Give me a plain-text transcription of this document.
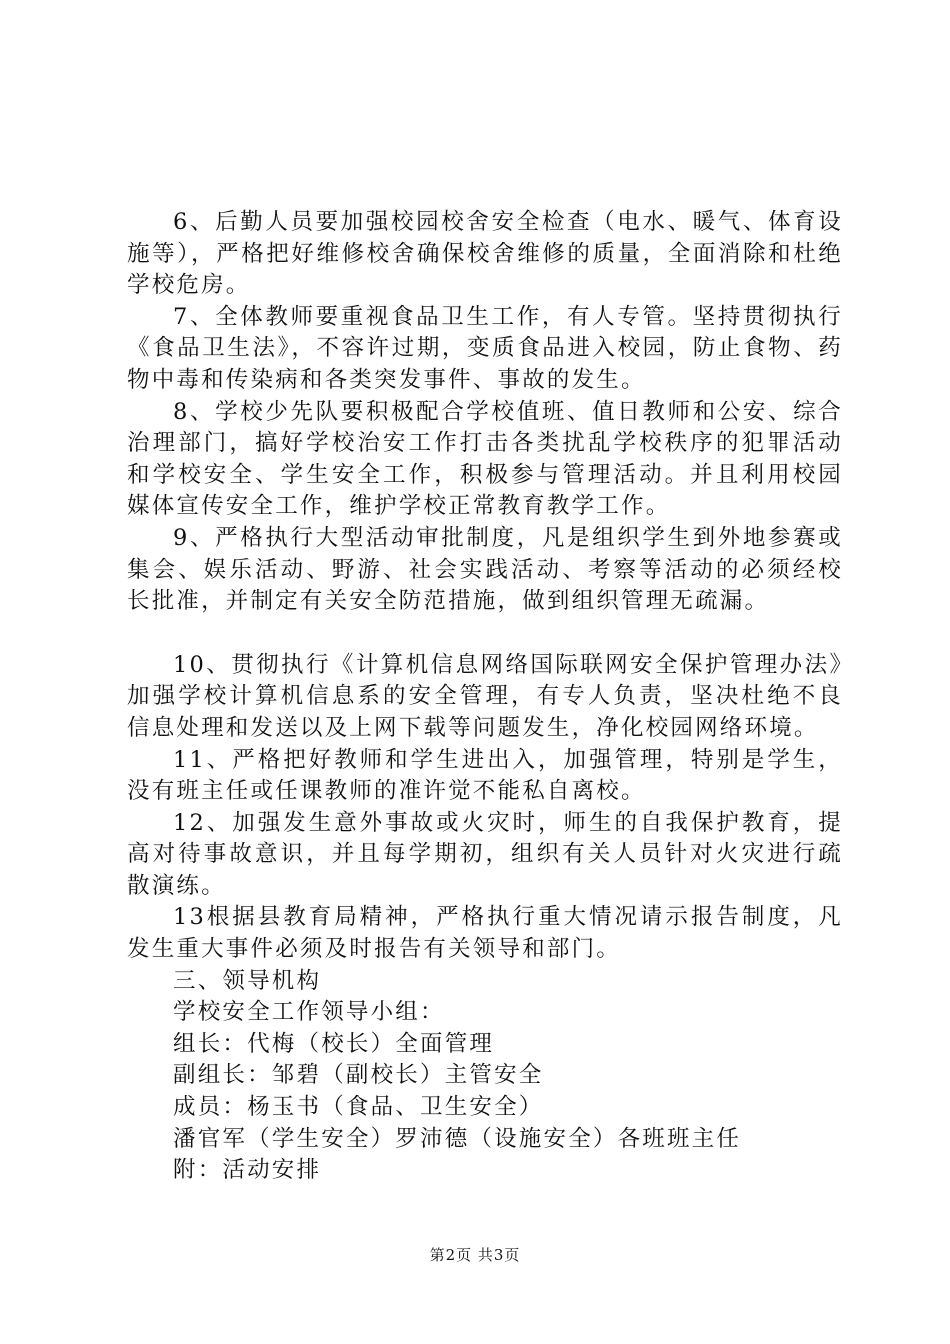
6、后勤人员要加强校园校舍安全检查（电水、暖气、体育设施等），严格把好维修校舍确保校舍维修的质量，全面消除和杜绝学校危房。

7、全体教师要重视食品卫生工作，有人专管。坚持贯彻执行《食品卫生法》，不容许过期，变质食品进入校园，防止食物、药物中毒和传染病和各类突发事件、事故的发生。

8、学校少先队要积极配合学校值班、值日教师和公安、综合治理部门，搞好学校治安工作打击各类扰乱学校秩序的犯罪活动和学校安全、学生安全工作，积极参与管理活动。并且利用校园媒体宣传安全工作，维护学校正常教育教学工作。

9、严格执行大型活动审批制度，凡是组织学生到外地参赛或集会、娱乐活动、野游、社会实践活动、考察等活动的必须经校长批准，并制定有关安全防范措施，做到组织管理无疏漏。

10、贯彻执行《计算机信息网络国际联网安全保护管理办法》加强学校计算机信息系的安全管理，有专人负责，坚决杜绝不良信息处理和发送以及上网下载等问题发生，净化校园网络环境。

11、严格把好教师和学生进出入，加强管理，特别是学生，没有班主任或任课教师的准许觉不能私自离校。

12、加强发生意外事故或火灾时，师生的自我保护教育，提高对待事故意识，并且每学期初，组织有关人员针对火灾进行疏散演练。

13根据县教育局精神，严格执行重大情况请示报告制度，凡发生重大事件必须及时报告有关领导和部门。

三、领导机构

学校安全工作领导小组：

组长：代梅（校长）全面管理

副组长：邹碧（副校长）主管安全

成员：杨玉书（食品、卫生安全）

潘官军（学生安全）罗沛德（设施安全）各班班主任

附：活动安排

第2页 共3页
